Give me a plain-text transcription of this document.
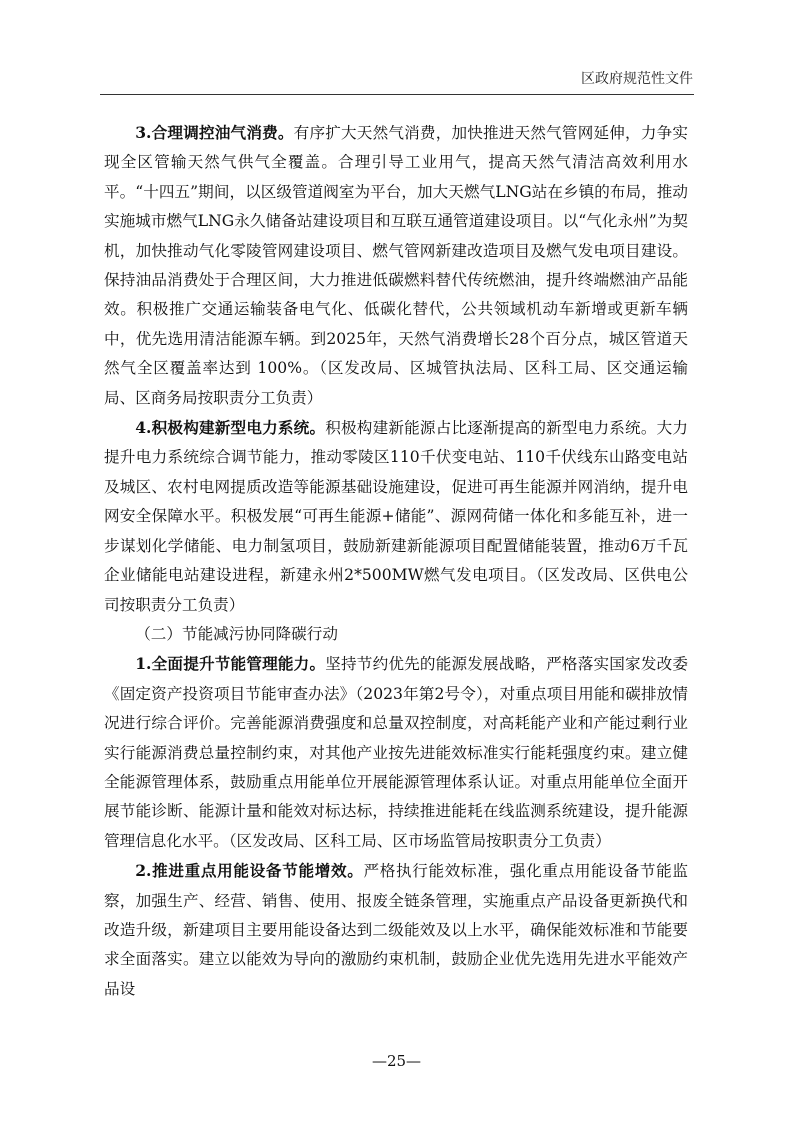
区政府规范性文件

3.合理调控油气消费。有序扩大天然气消费，加快推进天然气管网延伸，力争实现全区管输天然气供气全覆盖。合理引导工业用气，提高天然气清洁高效利用水平。“十四五”期间，以区级管道阀室为平台，加大天燃气LNG站在乡镇的布局，推动实施城市燃气LNG永久储备站建设项目和互联互通管道建设项目。以“气化永州”为契机，加快推动气化零陵管网建设项目、燃气管网新建改造项目及燃气发电项目建设。保持油品消费处于合理区间，大力推进低碳燃料替代传统燃油，提升终端燃油产品能效。积极推广交通运输装备电气化、低碳化替代，公共领域机动车新增或更新车辆中，优先选用清洁能源车辆。到2025年，天然气消费增长28个百分点，城区管道天然气全区覆盖率达到 100%。（区发改局、区城管执法局、区科工局、区交通运输局、区商务局按职责分工负责）

4.积极构建新型电力系统。积极构建新能源占比逐渐提高的新型电力系统。大力提升电力系统综合调节能力，推动零陵区110千伏变电站、110千伏线东山路变电站及城区、农村电网提质改造等能源基础设施建设，促进可再生能源并网消纳，提升电网安全保障水平。积极发展“可再生能源+储能”、源网荷储一体化和多能互补，进一步谋划化学储能、电力制氢项目，鼓励新建新能源项目配置储能装置，推动6万千瓦企业储能电站建设进程，新建永州2*500MW燃气发电项目。（区发改局、区供电公司按职责分工负责）

（二）节能减污协同降碳行动

1.全面提升节能管理能力。坚持节约优先的能源发展战略，严格落实国家发改委《固定资产投资项目节能审查办法》（2023年第2号令），对重点项目用能和碳排放情况进行综合评价。完善能源消费强度和总量双控制度，对高耗能产业和产能过剩行业实行能源消费总量控制约束，对其他产业按先进能效标准实行能耗强度约束。建立健全能源管理体系，鼓励重点用能单位开展能源管理体系认证。对重点用能单位全面开展节能诊断、能源计量和能效对标达标，持续推进能耗在线监测系统建设，提升能源管理信息化水平。（区发改局、区科工局、区市场监管局按职责分工负责）

2.推进重点用能设备节能增效。严格执行能效标准，强化重点用能设备节能监察，加强生产、经营、销售、使用、报废全链条管理，实施重点产品设备更新换代和改造升级，新建项目主要用能设备达到二级能效及以上水平，确保能效标准和节能要求全面落实。建立以能效为导向的激励约束机制，鼓励企业优先选用先进水平能效产品设

—25—
